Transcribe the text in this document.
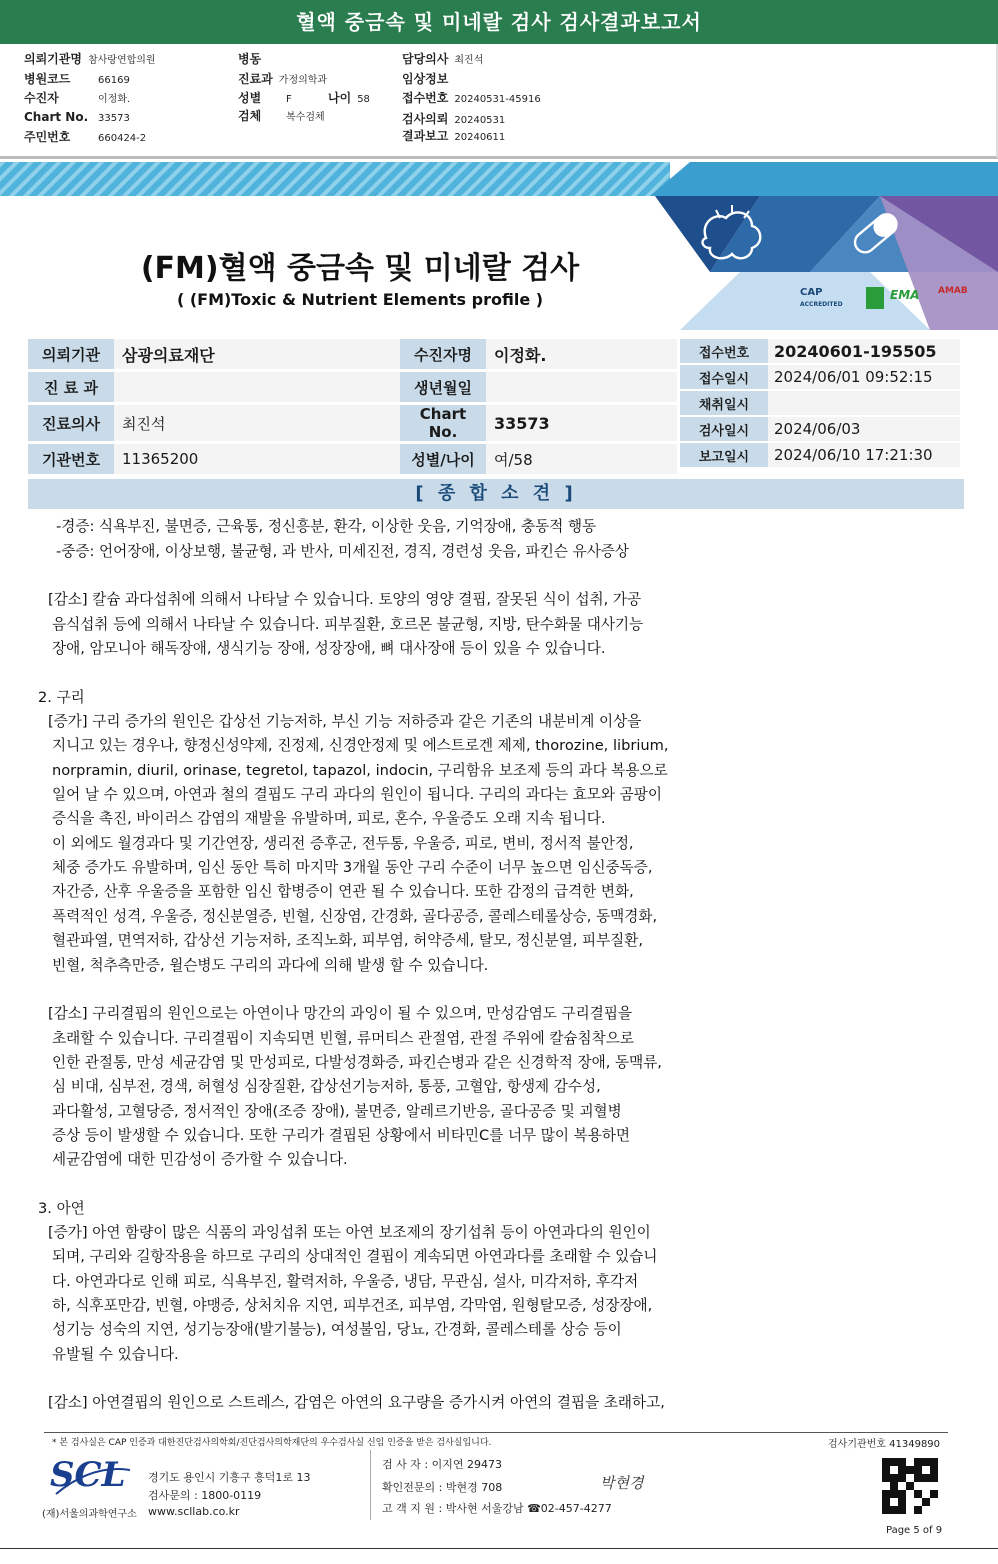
혈액 중금속 및 미네랄 검사 검사결과보고서
의뢰기관명 참사랑연합의원
병원코드	66169
수진자	이정화.
Chart No. 33573
주민번호	660424-2
병동
진료과 가정의학과
성별 F	나이 58
검체 복수검체
담당의사 최진석
임상정보
접수번호 20240531-45916
검사의뢰 20240531
결과보고 20240611
CAP
ACCREDITED
EMA AMAB
(FM)혈액 중금속 및 미네랄 검사
( (FM)Toxic & Nutrient Elements profile )
의뢰기관	삼광의료재단	수진자명	이정화.
진 료 과		생년월일	
진료의사	최진석	Chart No.	33573
기관번호	11365200	성별/나이	여/58
접수번호	20240601-195505
접수일시	2024/06/01 09:52:15
채취일시	
검사일시	2024/06/03
보고일시	2024/06/10 17:21:30
[ 종 합 소 견 ]
-경증: 식욕부진, 불면증, 근육통, 정신흥분, 환각, 이상한 웃음, 기억장애, 충동적 행동
-중증: 언어장애, 이상보행, 불균형, 과 반사, 미세진전, 경직, 경련성 웃음, 파킨슨 유사증상
[감소] 칼슘 과다섭취에 의해서 나타날 수 있습니다. 토양의 영양 결핍, 잘못된 식이 섭취, 가공
음식섭취 등에 의해서 나타날 수 있습니다. 피부질환, 호르몬 불균형, 지방, 탄수화물 대사기능
장애, 암모니아 해독장애, 생식기능 장애, 성장장애, 뼈 대사장애 등이 있을 수 있습니다.
2. 구리
[증가] 구리 증가의 원인은 갑상선 기능저하, 부신 기능 저하증과 같은 기존의 내분비계 이상을
지니고 있는 경우나, 향정신성약제, 진정제, 신경안정제 및 에스트로겐 제제, thorozine, librium,
norpramin, diuril, orinase, tegretol, tapazol, indocin, 구리함유 보조제 등의 과다 복용으로
일어 날 수 있으며, 아연과 철의 결핍도 구리 과다의 원인이 됩니다. 구리의 과다는 효모와 곰팡이
증식을 촉진, 바이러스 감염의 재발을 유발하며, 피로, 혼수, 우울증도 오래 지속 됩니다.
이 외에도 월경과다 및 기간연장, 생리전 증후군, 전두통, 우울증, 피로, 변비, 정서적 불안정,
체중 증가도 유발하며, 임신 동안 특히 마지막 3개월 동안 구리 수준이 너무 높으면 임신중독증,
자간증, 산후 우울증을 포함한 임신 합병증이 연관 될 수 있습니다. 또한 감정의 급격한 변화,
폭력적인 성격, 우울증, 정신분열증, 빈혈, 신장염, 간경화, 골다공증, 콜레스테롤상승, 동맥경화,
혈관파열, 면역저하, 갑상선 기능저하, 조직노화, 피부염, 허약증세, 탈모, 정신분열, 피부질환,
빈혈, 척추측만증, 윌슨병도 구리의 과다에 의해 발생 할 수 있습니다.
[감소] 구리결핍의 원인으로는 아연이나 망간의 과잉이 될 수 있으며, 만성감염도 구리결핍을
초래할 수 있습니다. 구리결핍이 지속되면 빈혈, 류머티스 관절염, 관절 주위에 칼슘침착으로
인한 관절통, 만성 세균감염 및 만성피로, 다발성경화증, 파킨슨병과 같은 신경학적 장애, 동맥류,
심 비대, 심부전, 경색, 허혈성 심장질환, 갑상선기능저하, 통풍, 고혈압, 항생제 감수성,
과다활성, 고혈당증, 정서적인 장애(조증 장애), 불면증, 알레르기반응, 골다공증 및 괴혈병
증상 등이 발생할 수 있습니다. 또한 구리가 결핍된 상황에서 비타민C를 너무 많이 복용하면
세균감염에 대한 민감성이 증가할 수 있습니다.
3. 아연
[증가] 아연 함량이 많은 식품의 과잉섭취 또는 아연 보조제의 장기섭취 등이 아연과다의 원인이
되며, 구리와 길항작용을 하므로 구리의 상대적인 결핍이 계속되면 아연과다를 초래할 수 있습니
다. 아연과다로 인해 피로, 식욕부진, 활력저하, 우울증, 냉담, 무관심, 설사, 미각저하, 후각저
하, 식후포만감, 빈혈, 야맹증, 상처치유 지연, 피부건조, 피부염, 각막염, 원형탈모증, 성장장애,
성기능 성숙의 지연, 성기능장애(발기불능), 여성불임, 당뇨, 간경화, 콜레스테롤 상승 등이
유발될 수 있습니다.
[감소] 아연결핍의 원인으로 스트레스, 감염은 아연의 요구량을 증가시켜 아연의 결핍을 초래하고,
* 본 검사실은 CAP 인증과 대한진단검사의학회/진단검사의학재단의 우수검사실 신임 인증을 받은 검사실입니다.	검사기관번호 41349890
SCL
(재)서울의과학연구소
경기도 용인시 기흥구 흥덕1로 13
검사문의 : 1800-0119
www.scllab.co.kr
검 사 자 : 이지연 29473
확인전문의 : 박현경 708	박현경
고 객 지 원 : 박사현 서울강남 ☎02-457-4277
Page 5 of 9
